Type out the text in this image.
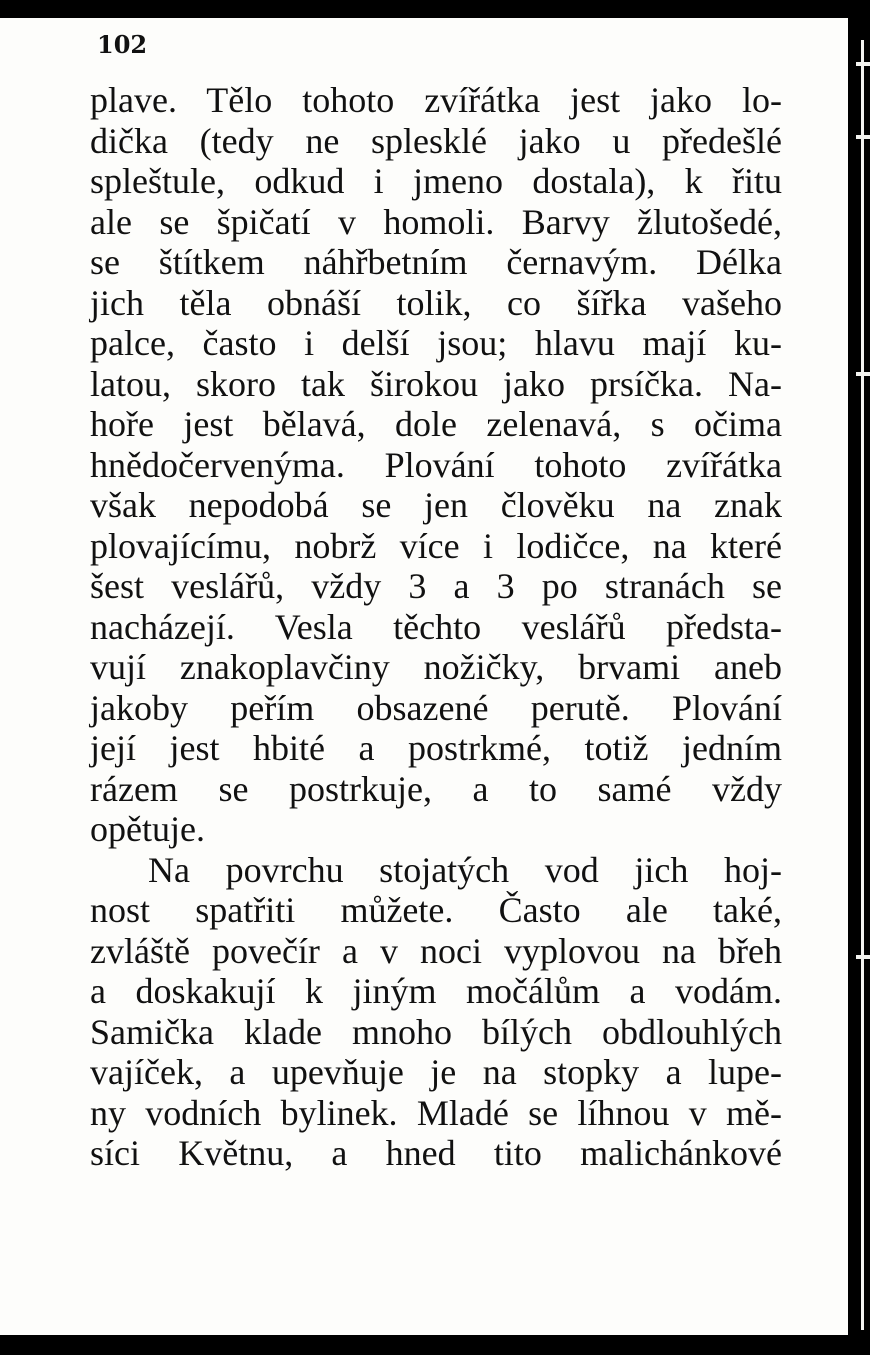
102

plave. Tělo tohoto zvířátka jest jako lo-
dička (tedy ne splesklé jako u předešlé
spleštule, odkud i jmeno dostala), k řitu
ale se špičatí v homoli. Barvy žlutošedé,
se štítkem náhřbetním černavým. Délka
jich těla obnáší tolik, co šířka vašeho
palce, často i delší jsou; hlavu mají ku-
latou, skoro tak širokou jako prsíčka. Na-
hoře jest bělavá, dole zelenavá, s očima
hnědočervenýma. Plování tohoto zvířátka
však nepodobá se jen člověku na znak
plovajícímu, nobrž více i lodičce, na které
šest veslářů, vždy 3 a 3 po stranách se
nacházejí. Vesla těchto veslářů předsta-
vují znakoplavčiny nožičky, brvami aneb
jakoby peřím obsazené perutě. Plování
její jest hbité a postrkmé, totiž jedním
rázem se postrkuje, a to samé vždy
opětuje.
Na povrchu stojatých vod jich hoj-
nost spatřiti můžete. Často ale také,
zvláště povečír a v noci vyplovou na břeh
a doskakují k jiným močálům a vodám.
Samička klade mnoho bílých obdlouhlých
vajíček, a upevňuje je na stopky a lupe-
ny vodních bylinek. Mladé se líhnou v mě-
síci Květnu, a hned tito malichánkové
